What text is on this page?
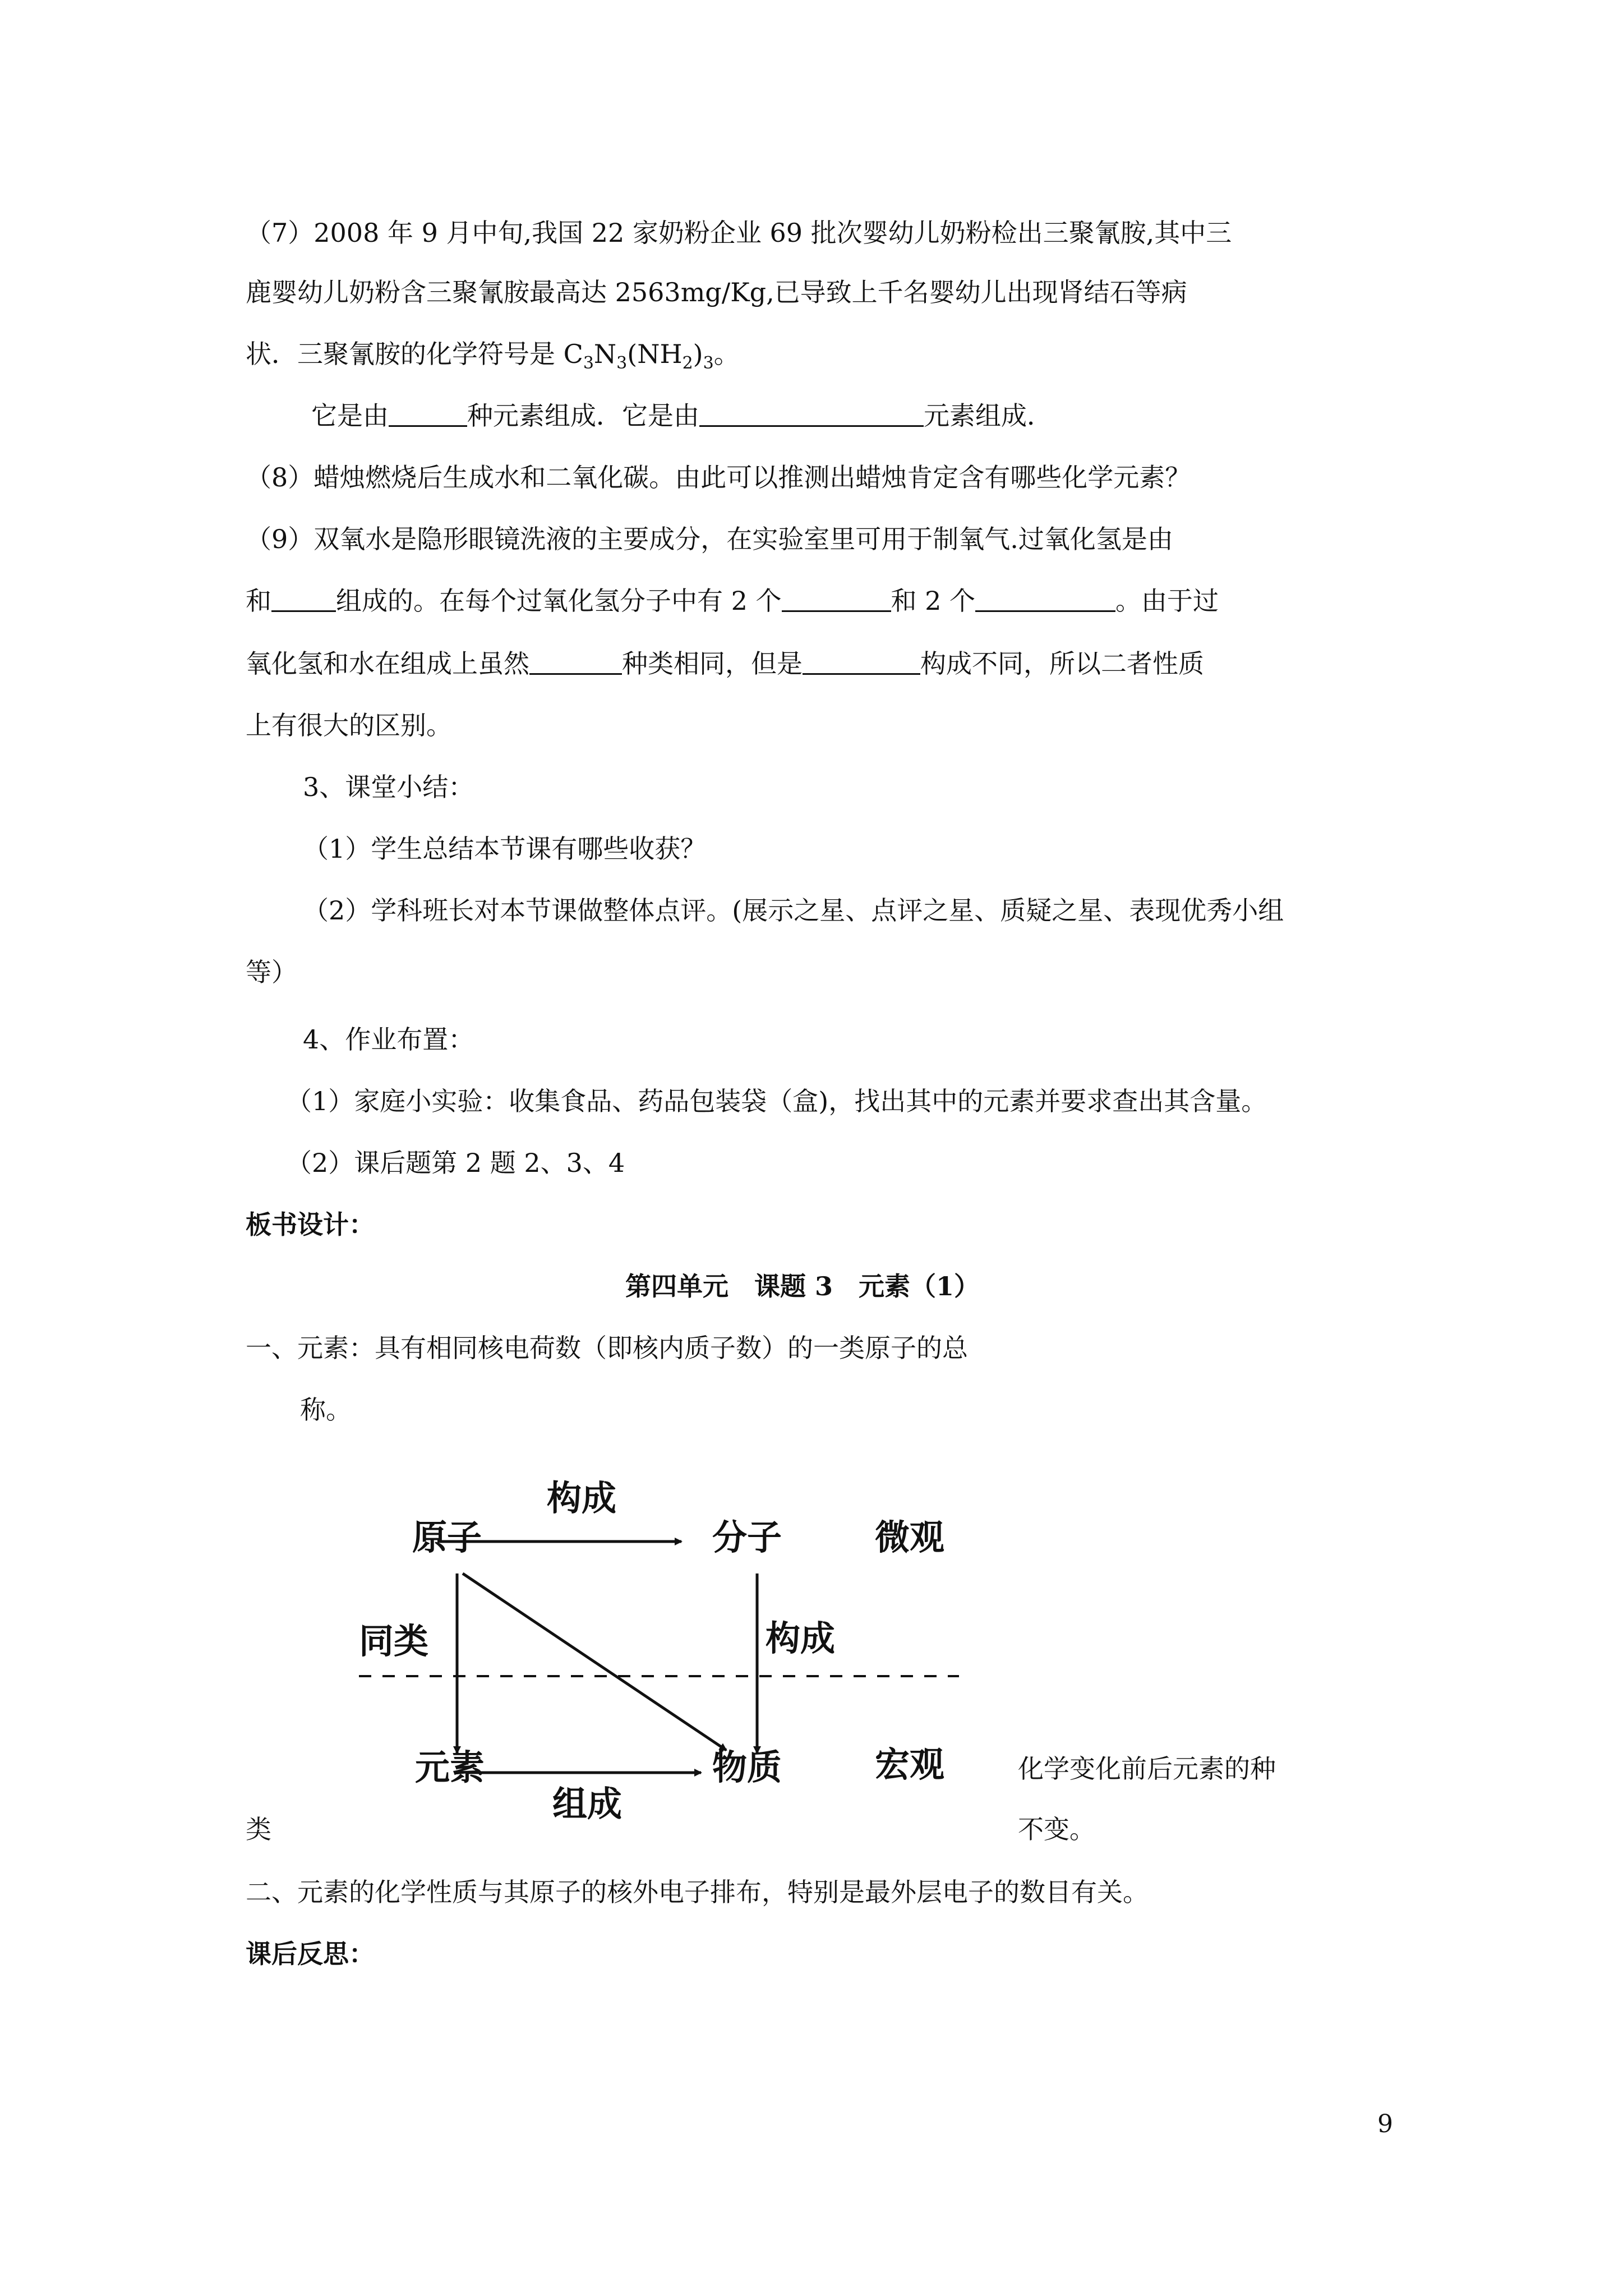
（7）2008 年 9 月中旬,我国 22 家奶粉企业 69 批次婴幼儿奶粉检出三聚氰胺,其中三
鹿婴幼儿奶粉含三聚氰胺最高达 2563mg/Kg,已导致上千名婴幼儿出现肾结石等病
状．三聚氰胺的化学符号是 $C_3N_3(NH_2)_3$。
它是由	种元素组成．它是由	元素组成．
（8）蜡烛燃烧后生成水和二氧化碳。由此可以推测出蜡烛肯定含有哪些化学元素？
（9）双氧水是隐形眼镜洗液的主要成分，在实验室里可用于制氧气.过氧化氢是由
和	组成的。在每个过氧化氢分子中有 2 个	和 2 个	。由于过
氧化氢和水在组成上虽然	种类相同，但是	构成不同，所以二者性质
上有很大的区别。
3、课堂小结：
（1）学生总结本节课有哪些收获？
（2）学科班长对本节课做整体点评。(展示之星、点评之星、质疑之星、表现优秀小组
等）
4、作业布置：
（1）家庭小实验：收集食品、药品包装袋（盒)，找出其中的元素并要求查出其含量。
（2）课后题第 2 题 2、3、4
板书设计：
第四单元　课题 3　元素（1）
一、元素：具有相同核电荷数（即核内质子数）的一类原子的总
称。
原子	分子	微观
构成
同类	构成
元素	物质	宏观
组成
化学变化前后元素的种
类	不变。
二、元素的化学性质与其原子的核外电子排布，特别是最外层电子的数目有关。
课后反思：
9
